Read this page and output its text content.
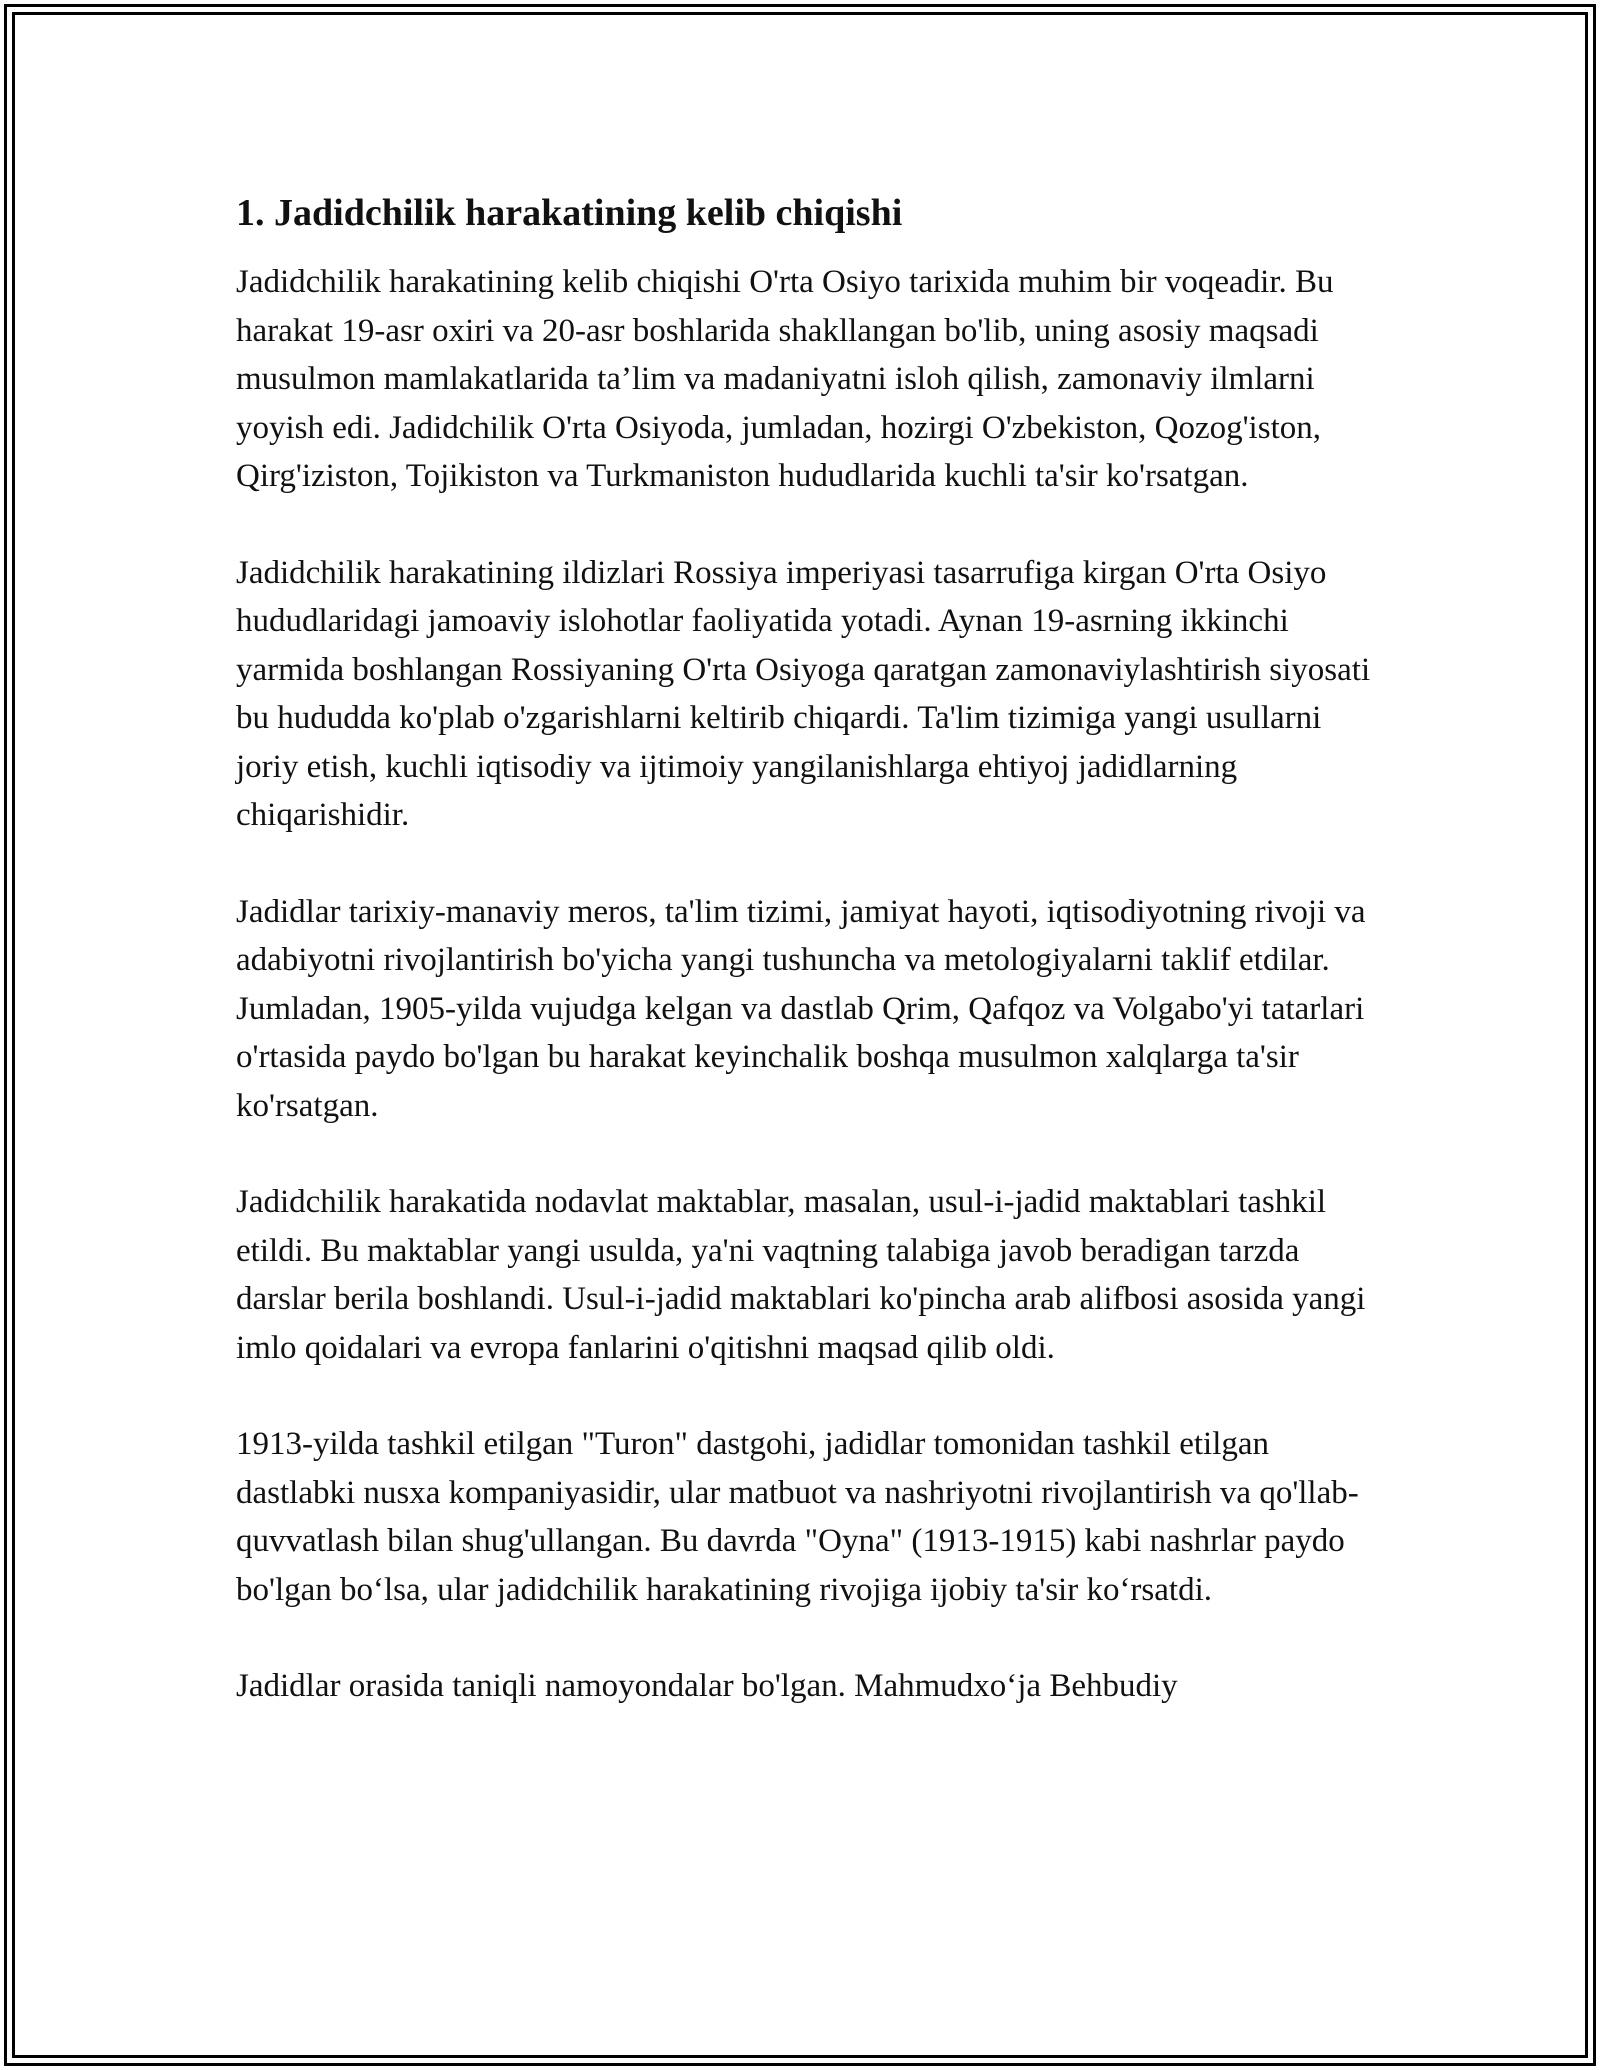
1. Jadidchilik harakatining kelib chiqishi

Jadidchilik harakatining kelib chiqishi O'rta Osiyo tarixida muhim bir voqeadir. Bu harakat 19-asr oxiri va 20-asr boshlarida shakllangan bo'lib, uning asosiy maqsadi musulmon mamlakatlarida ta’lim va madaniyatni isloh qilish, zamonaviy ilmlarni yoyish edi. Jadidchilik O'rta Osiyoda, jumladan, hozirgi O'zbekiston, Qozog'iston, Qirg'iziston, Tojikiston va Turkmaniston hududlarida kuchli ta'sir ko'rsatgan.

Jadidchilik harakatining ildizlari Rossiya imperiyasi tasarrufiga kirgan O'rta Osiyo hududlaridagi jamoaviy islohotlar faoliyatida yotadi. Aynan 19-asrning ikkinchi yarmida boshlangan Rossiyaning O'rta Osiyoga qaratgan zamonaviylashtirish siyosati bu hududda ko'plab o'zgarishlarni keltirib chiqardi. Ta'lim tizimiga yangi usullarni joriy etish, kuchli iqtisodiy va ijtimoiy yangilanishlarga ehtiyoj jadidlarning chiqarishidir.

Jadidlar tarixiy-manaviy meros, ta'lim tizimi, jamiyat hayoti, iqtisodiyotning rivoji va adabiyotni rivojlantirish bo'yicha yangi tushuncha va metologiyalarni taklif etdilar. Jumladan, 1905-yilda vujudga kelgan va dastlab Qrim, Qafqoz va Volgabo'yi tatarlari o'rtasida paydo bo'lgan bu harakat keyinchalik boshqa musulmon xalqlarga ta'sir ko'rsatgan.

Jadidchilik harakatida nodavlat maktablar, masalan, usul-i-jadid maktablari tashkil etildi. Bu maktablar yangi usulda, ya'ni vaqtning talabiga javob beradigan tarzda darslar berila boshlandi. Usul-i-jadid maktablari ko'pincha arab alifbosi asosida yangi imlo qoidalari va evropa fanlarini o'qitishni maqsad qilib oldi.

1913-yilda tashkil etilgan "Turon" dastgohi, jadidlar tomonidan tashkil etilgan dastlabki nusxa kompaniyasidir, ular matbuot va nashriyotni rivojlantirish va qo'llab-quvvatlash bilan shug'ullangan. Bu davrda "Oyna" (1913-1915) kabi nashrlar paydo bo'lgan bo‘lsa, ular jadidchilik harakatining rivojiga ijobiy ta'sir ko‘rsatdi.

Jadidlar orasida taniqli namoyondalar bo'lgan. Mahmudxo‘ja Behbudiy
